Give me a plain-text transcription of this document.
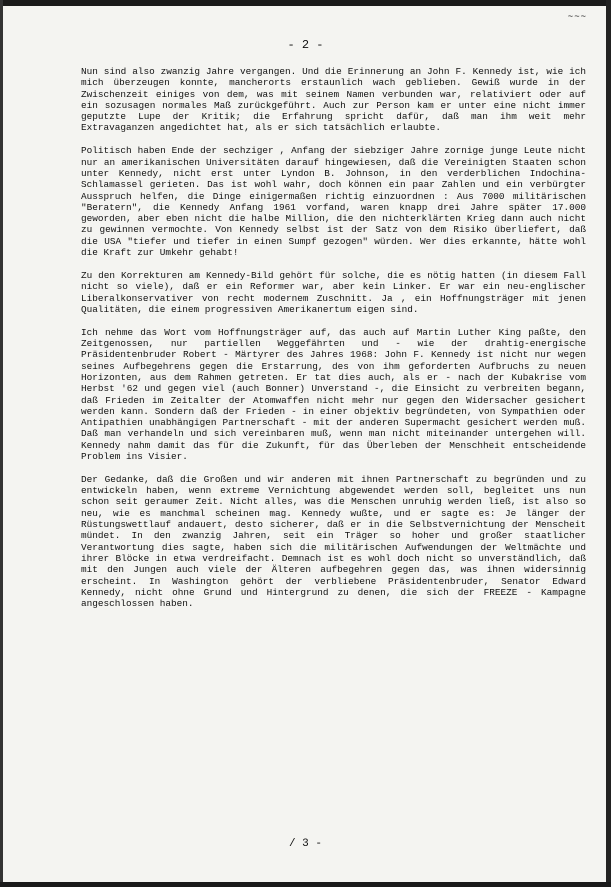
~~~
- 2 -

Nun sind also zwanzig Jahre vergangen. Und die Erinnerung an John F. Kennedy ist, wie ich mich überzeugen konnte, mancherorts erstaunlich wach geblieben. Gewiß wurde in der Zwischenzeit einiges von dem, was mit seinem Namen verbunden war, relativiert oder auf ein sozusagen normales Maß zurückgeführt. Auch zur Person kam er unter eine nicht immer geputzte Lupe der Kritik; die Erfahrung spricht dafür, daß man ihm weit mehr Extravaganzen angedichtet hat, als er sich tatsächlich erlaubte.

Politisch haben Ende der sechziger , Anfang der siebziger Jahre zornige junge Leute nicht nur an amerikanischen Universitäten darauf hingewiesen, daß die Vereinigten Staaten schon unter Kennedy, nicht erst unter Lyndon B. Johnson, in den verderblichen Indochina-Schlamassel gerieten. Das ist wohl wahr, doch können ein paar Zahlen und ein verbürgter Ausspruch helfen, die Dinge einigermaßen richtig einzuordnen : Aus 7000 militärischen "Beratern", die Kennedy Anfang 1961 vorfand, waren knapp drei Jahre später 17.000 geworden, aber eben nicht die halbe Million, die den nichterklärten Krieg dann auch nicht zu gewinnen vermochte. Von Kennedy selbst ist der Satz von dem Risiko überliefert, daß die USA "tiefer und tiefer in einen Sumpf gezogen" würden. Wer dies erkannte, hätte wohl die Kraft zur Umkehr gehabt!

Zu den Korrekturen am Kennedy-Bild gehört für solche, die es nötig hatten (in diesem Fall nicht so viele), daß er ein Reformer war, aber kein Linker. Er war ein neu-englischer Liberalkonservativer von recht modernem Zuschnitt. Ja , ein Hoffnungsträger mit jenen Qualitäten, die einem progressiven Amerikanertum eigen sind.

Ich nehme das Wort vom Hoffnungsträger auf, das auch auf Martin Luther King paßte, den Zeitgenossen, nur partiellen Weggefährten und - wie der drahtig-energische Präsidentenbruder Robert - Märtyrer des Jahres 1968: John F. Kennedy ist nicht nur wegen seines Aufbegehrens gegen die Erstarrung, des von ihm geforderten Aufbruchs zu neuen Horizonten, aus dem Rahmen getreten. Er tat dies auch, als er - nach der Kubakrise vom Herbst '62 und gegen viel (auch Bonner) Unverstand -, die Einsicht zu verbreiten begann, daß Frieden im Zeitalter der Atomwaffen nicht mehr nur gegen den Widersacher gesichert werden kann. Sondern daß der Frieden - in einer objektiv begründeten, von Sympathien oder Antipathien unabhängigen Partnerschaft - mit der anderen Supermacht gesichert werden muß. Daß man verhandeln und sich vereinbaren muß, wenn man nicht miteinander untergehen will. Kennedy nahm damit das für die Zukunft, für das Überleben der Menschheit entscheidende Problem ins Visier.

Der Gedanke, daß die Großen und wir anderen mit ihnen Partnerschaft zu begründen und zu entwickeln haben, wenn extreme Vernichtung abgewendet werden soll, begleitet uns nun schon seit geraumer Zeit. Nicht alles, was die Menschen unruhig werden ließ, ist also so neu, wie es manchmal scheinen mag. Kennedy wußte, und er sagte es: Je länger der Rüstungswettlauf andauert, desto sicherer, daß er in die Selbstvernichtung der Menscheit mündet. In den zwanzig Jahren, seit ein Träger so hoher und großer staatlicher Verantwortung dies sagte, haben sich die militärischen Aufwendungen der Weltmächte und ihrer Blöcke in etwa verdreifacht. Demnach ist es wohl doch nicht so unverständlich, daß mit den Jungen auch viele der Älteren aufbegehren gegen das, was ihnen widersinnig erscheint. In Washington gehört der verbliebene Präsidentenbruder, Senator Edward Kennedy, nicht ohne Grund und Hintergrund zu denen, die sich der FREEZE - Kampagne angeschlossen haben.

/ 3 -
